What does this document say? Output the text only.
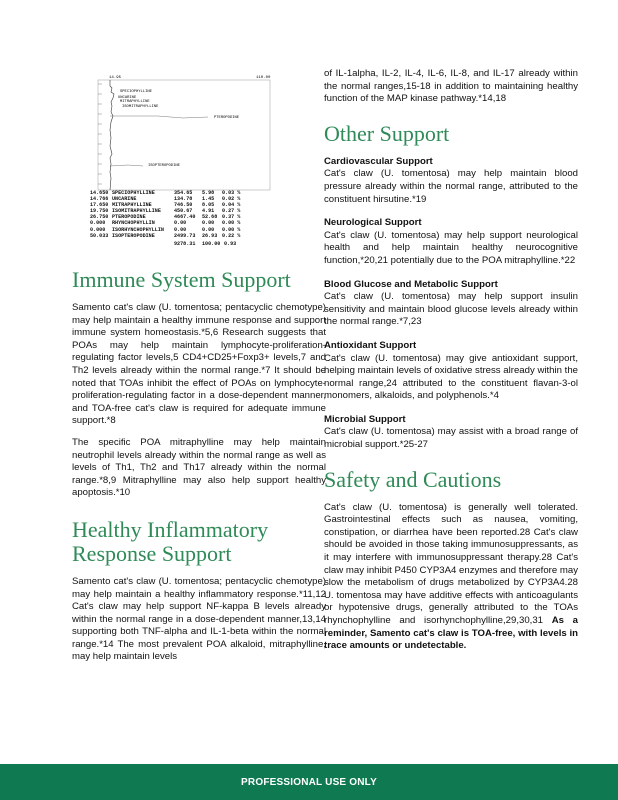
14.95	110.00
SPECIOPHYLLINE
UNCARINE
MITRAPHYLLINE
ISOMITRAPHYLLINE
PTEROPODINE
ISOPTEROPODINE
14.650 SPECIOPHYLLINE	354.65	5.98	0.03 %
14.766 UNCARINE	134.78	1.45	0.02 %
17.650 MITRAPHYLLINE	746.50	8.05	0.04 %
19.750 ISOMITRAPHYLLINE	450.67	4.91	0.27 %
26.750 PTEROPODINE	4667.40	52.68 0.37 %
0.000	RHYNCHOPHYLLIN	0.00	0.00	0.00 %
0.000	ISORHYNCHOPHYLLIN	0.00	0.00	0.00 %
50.033 ISOPTEROPODINE	2499.73	26.93 0.22 %
9278.31	100.00 0.93
Immune System Support

Samento cat's claw (U. tomentosa; pentacyclic chemotype) may help maintain a healthy immune response and support immune system homeostasis.*5,6 Research suggests that POAs may help maintain lymphocyte-proliferation-regulating factor levels,5 CD4+CD25+Foxp3+ levels,7 and Th2 levels already within the normal range.*7 It should be noted that TOAs inhibit the effect of POAs on lymphocyte-proliferation-regulating factor in a dose-dependent manner, and TOA-free cat's claw is required for adequate immune support.*8

The specific POA mitraphylline may help maintain neutrophil levels already within the normal range as well as levels of Th1, Th2 and Th17 already within the normal range.*8,9 Mitraphylline may also help support healthy apoptosis.*10

Healthy Inflammatory Response Support

Samento cat's claw (U. tomentosa; pentacyclic chemotype) may help maintain a healthy inflammatory response.*11,12 Cat's claw may help support NF-kappa B levels already within the normal range in a dose-dependent manner,13,14 supporting both TNF-alpha and IL-1-beta within the normal range.*14 The most prevalent POA alkaloid, mitraphylline, may help maintain levels

of IL-1alpha, IL-2, IL-4, IL-6, IL-8, and IL-17 already within the normal ranges,15-18 in addition to maintaining healthy function of the MAP kinase pathway.*14,18

Other Support
Cardiovascular Support

Cat's claw (U. tomentosa) may help maintain blood pressure already within the normal range, attributed to the constituent hirsutine.*19

Neurological Support

Cat's claw (U. tomentosa) may help support neurological health and help maintain healthy neurocognitive function,*20,21 potentially due to the POA mitraphylline.*22

Blood Glucose and Metabolic Support

Cat's claw (U. tomentosa) may help support insulin sensitivity and maintain blood glucose levels already within the normal range.*7,23

Antioxidant Support

Cat's claw (U. tomentosa) may give antioxidant support, helping maintain levels of oxidative stress already within the normal range,24 attributed to the constituent flavan-3-ol monomers, alkaloids, and polyphenols.*4

Microbial Support

Cat's claw (U. tomentosa) may assist with a broad range of microbial support.*25-27

Safety and Cautions

Cat's claw (U. tomentosa) is generally well tolerated. Gastrointestinal effects such as nausea, vomiting, constipation, or diarrhea have been reported.28 Cat's claw should be avoided in those taking immunosuppressants, as it may interfere with immunosuppressant therapy.28 Cat's claw may inhibit P450 CYP3A4 enzymes and therefore may slow the metabolism of drugs metabolized by CYP3A4.28 U. tomentosa may have additive effects with anticoagulants or hypotensive drugs, generally attributed to the TOAs rhynchophylline and isorhynchophylline,29,30,31 As a reminder, Samento cat's claw is TOA-free, with levels in trace amounts or undetectable.

PROFESSIONAL USE ONLY
